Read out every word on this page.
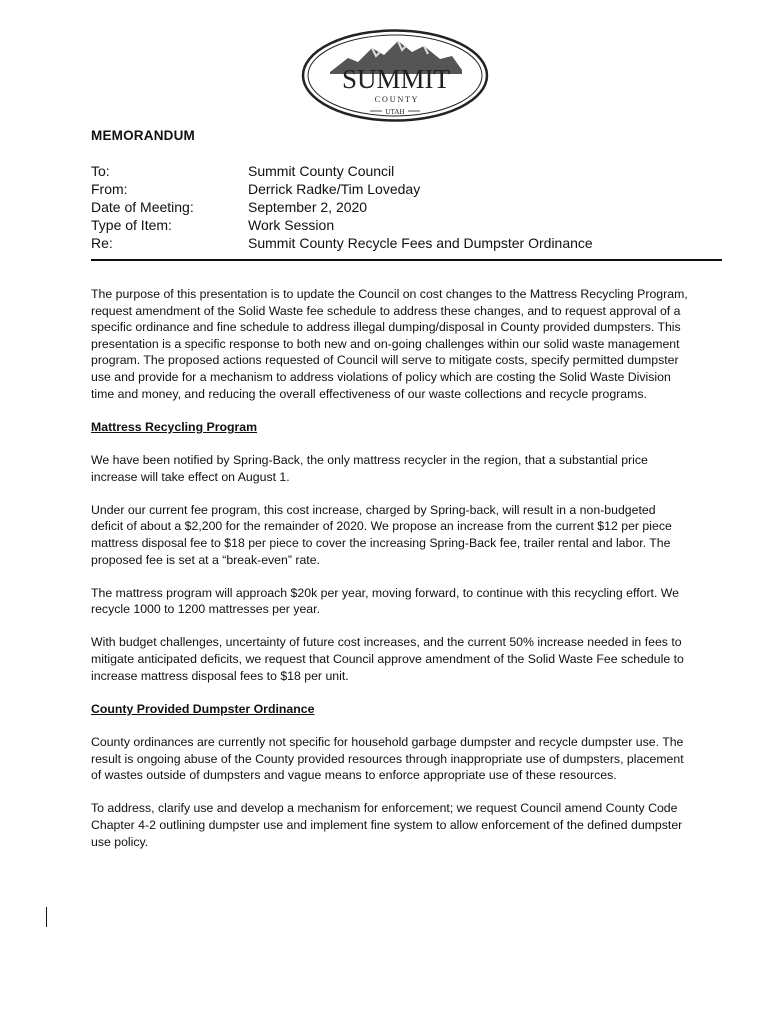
SUMMIT
C O U N T Y
UTAH
MEMORANDUM
To:	Summit County Council
From:	Derrick Radke/Tim Loveday
Date of Meeting:	September 2, 2020
Type of Item:	Work Session
Re:	Summit County Recycle Fees and Dumpster Ordinance

The purpose of this presentation is to update the Council on cost changes to the Mattress Recycling Program, request amendment of the Solid Waste fee schedule to address these changes, and to request approval of a specific ordinance and fine schedule to address illegal dumping/disposal in County provided dumpsters. This presentation is a specific response to both new and on-going challenges within our solid waste management program. The proposed actions requested of Council will serve to mitigate costs, specify permitted dumpster use and provide for a mechanism to address violations of policy which are costing the Solid Waste Division time and money, and reducing the overall effectiveness of our waste collections and recycle programs.

Mattress Recycling Program

We have been notified by Spring-Back, the only mattress recycler in the region, that a substantial price increase will take effect on August 1.

Under our current fee program, this cost increase, charged by Spring-back, will result in a non-budgeted deficit of about a $2,200 for the remainder of 2020. We propose an increase from the current $12 per piece mattress disposal fee to $18 per piece to cover the increasing Spring-Back fee, trailer rental and labor. The proposed fee is set at a “break-even” rate.

The mattress program will approach $20k per year, moving forward, to continue with this recycling effort. We recycle 1000 to 1200 mattresses per year.

With budget challenges, uncertainty of future cost increases, and the current 50% increase needed in fees to mitigate anticipated deficits, we request that Council approve amendment of the Solid Waste Fee schedule to increase mattress disposal fees to $18 per unit.

County Provided Dumpster Ordinance

County ordinances are currently not specific for household garbage dumpster and recycle dumpster use. The result is ongoing abuse of the County provided resources through inappropriate use of dumpsters, placement of wastes outside of dumpsters and vague means to enforce appropriate use of these resources.

To address, clarify use and develop a mechanism for enforcement; we request Council amend County Code Chapter 4-2 outlining dumpster use and implement fine system to allow enforcement of the defined dumpster use policy.
